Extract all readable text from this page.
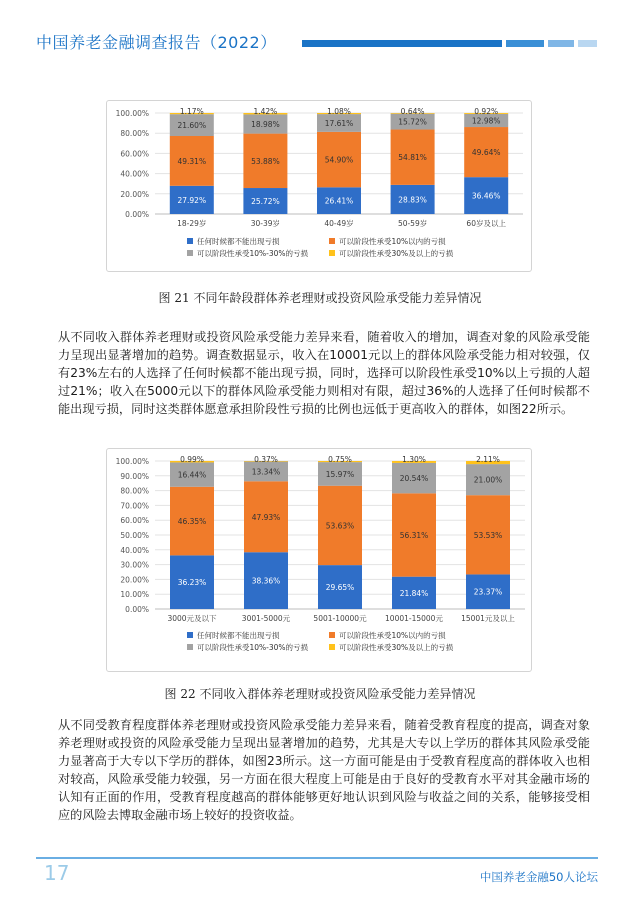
中国养老金融调查报告（2022）
0.00%
20.00%
40.00%
60.00%
80.00%
100.00%
27.92%
49.31%
21.60%
1.17%
18-29岁
25.72%
53.88%
18.98%
1.42%
30-39岁
26.41%
54.90%
17.61%
1.08%
40-49岁
28.83%
54.81%
15.72%
0.64%
50-59岁
36.46%
49.64%
12.98%
0.92%
60岁及以上
任何时候都不能出现亏损	可以阶段性承受10%以内的亏损
可以阶段性承受10%-30%的亏损	可以阶段性承受30%及以上的亏损
图 21 不同年龄段群体养老理财或投资风险承受能力差异情况
从不同收入群体养老理财或投资风险承受能力差异来看，随着收入的增加，调查对象的风险承受能力呈现出显著增加的趋势。调查数据显示，收入在10001元以上的群体风险承受能力相对较强，仅有23%左右的人选择了任何时候都不能出现亏损，同时，选择可以阶段性承受10%以上亏损的人超过21%；收入在5000元以下的群体风险承受能力则相对有限，超过36%的人选择了任何时候都不能出现亏损，同时这类群体愿意承担阶段性亏损的比例也远低于更高收入的群体，如图22所示。
0.00%
10.00%
20.00%
30.00%
40.00%
50.00%
60.00%
70.00%
80.00%
90.00%
100.00%
36.23%
46.35%
16.44%
0.99%
3000元及以下
38.36%
47.93%
13.34%
0.37%
3001-5000元
29.65%
53.63%
15.97%
0.75%
5001-10000元
21.84%
56.31%
20.54%
1.30%
10001-15000元
23.37%
53.53%
21.00%
2.11%
15001元及以上
任何时候都不能出现亏损	可以阶段性承受10%以内的亏损
可以阶段性承受10%-30%的亏损	可以阶段性承受30%及以上的亏损
图 22 不同收入群体养老理财或投资风险承受能力差异情况
从不同受教育程度群体养老理财或投资风险承受能力差异来看，随着受教育程度的提高，调查对象养老理财或投资的风险承受能力呈现出显著增加的趋势，尤其是大专以上学历的群体其风险承受能力显著高于大专以下学历的群体，如图23所示。这一方面可能是由于受教育程度高的群体收入也相对较高，风险承受能力较强，另一方面在很大程度上可能是由于良好的受教育水平对其金融市场的认知有正面的作用，受教育程度越高的群体能够更好地认识到风险与收益之间的关系，能够接受相应的风险去博取金融市场上较好的投资收益。
17	中国养老金融50人论坛
